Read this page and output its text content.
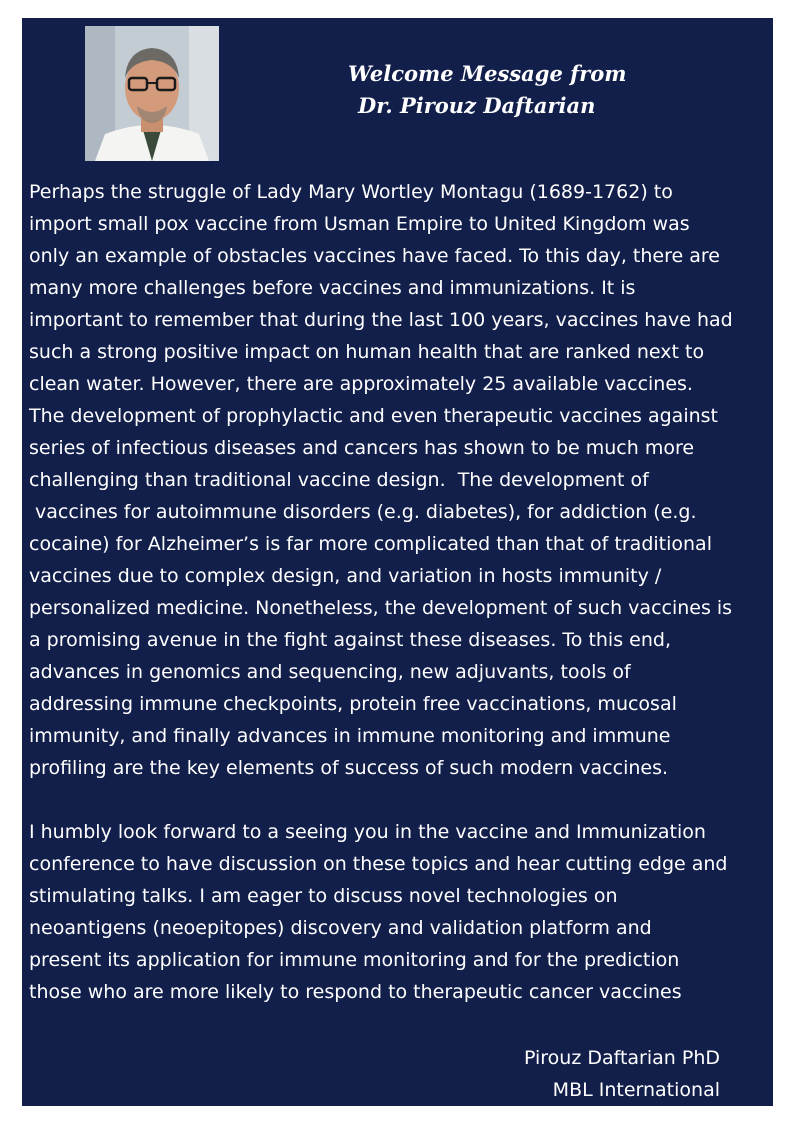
Welcome Message from
Dr. Pirouz Daftarian
Perhaps the struggle of Lady Mary Wortley Montagu (1689-1762) to
import small pox vaccine from Usman Empire to United Kingdom was
only an example of obstacles vaccines have faced. To this day, there are
many more challenges before vaccines and immunizations. It is
important to remember that during the last 100 years, vaccines have had
such a strong positive impact on human health that are ranked next to
clean water. However, there are approximately 25 available vaccines.
The development of prophylactic and even therapeutic vaccines against
series of infectious diseases and cancers has shown to be much more
challenging than traditional vaccine design.  The development of
vaccines for autoimmune disorders (e.g. diabetes), for addiction (e.g.
cocaine) for Alzheimer’s is far more complicated than that of traditional
vaccines due to complex design, and variation in hosts immunity /
personalized medicine. Nonetheless, the development of such vaccines is
a promising avenue in the fight against these diseases. To this end,
advances in genomics and sequencing, new adjuvants, tools of
addressing immune checkpoints, protein free vaccinations, mucosal
immunity, and finally advances in immune monitoring and immune
profiling are the key elements of success of such modern vaccines.
I humbly look forward to a seeing you in the vaccine and Immunization
conference to have discussion on these topics and hear cutting edge and
stimulating talks. I am eager to discuss novel technologies on
neoantigens (neoepitopes) discovery and validation platform and
present its application for immune monitoring and for the prediction
those who are more likely to respond to therapeutic cancer vaccines
Pirouz Daftarian PhD
MBL International
